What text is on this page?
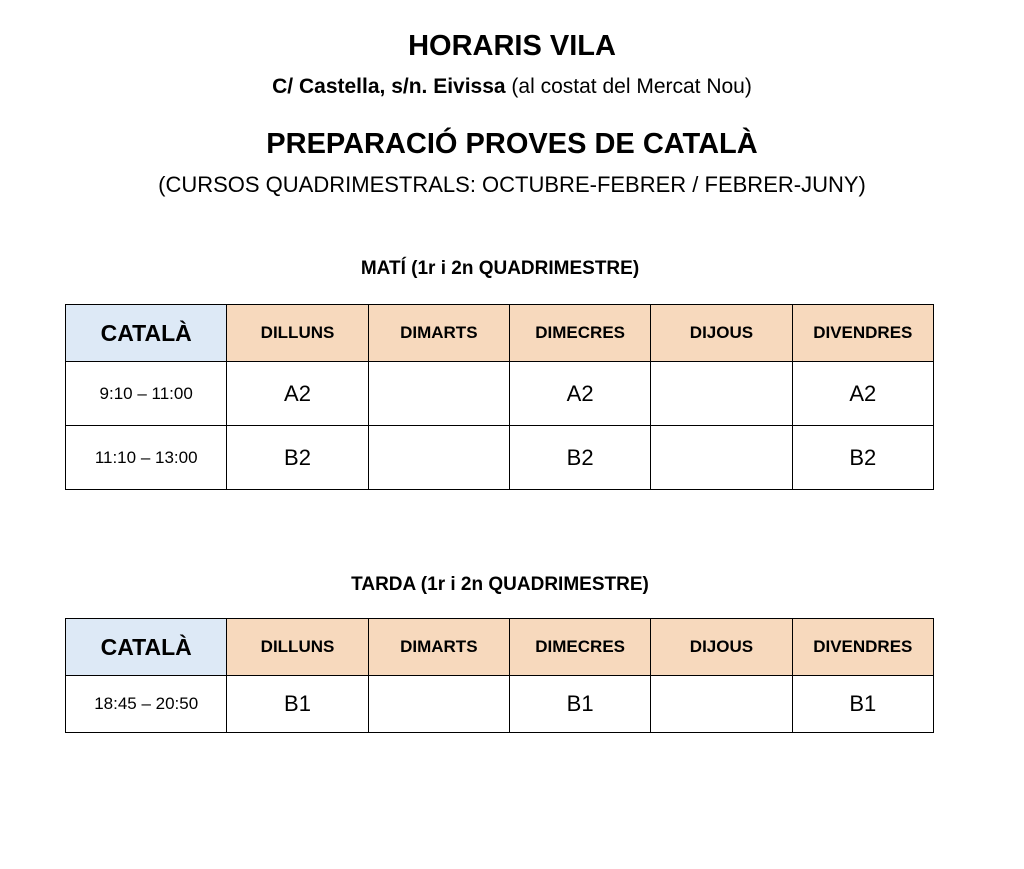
HORARIS VILA
C/ Castella, s/n. Eivissa (al costat del Mercat Nou)
PREPARACIÓ PROVES DE CATALÀ
(CURSOS QUADRIMESTRALS: OCTUBRE-FEBRER / FEBRER-JUNY)
MATÍ (1r i 2n QUADRIMESTRE)
CATALÀ	DILLUNS	DIMARTS	DIMECRES	DIJOUS	DIVENDRES
9:10 – 11:00	A2		A2		A2
11:10 – 13:00	B2		B2		B2
TARDA (1r i 2n QUADRIMESTRE)
CATALÀ	DILLUNS	DIMARTS	DIMECRES	DIJOUS	DIVENDRES
18:45 – 20:50	B1		B1		B1
